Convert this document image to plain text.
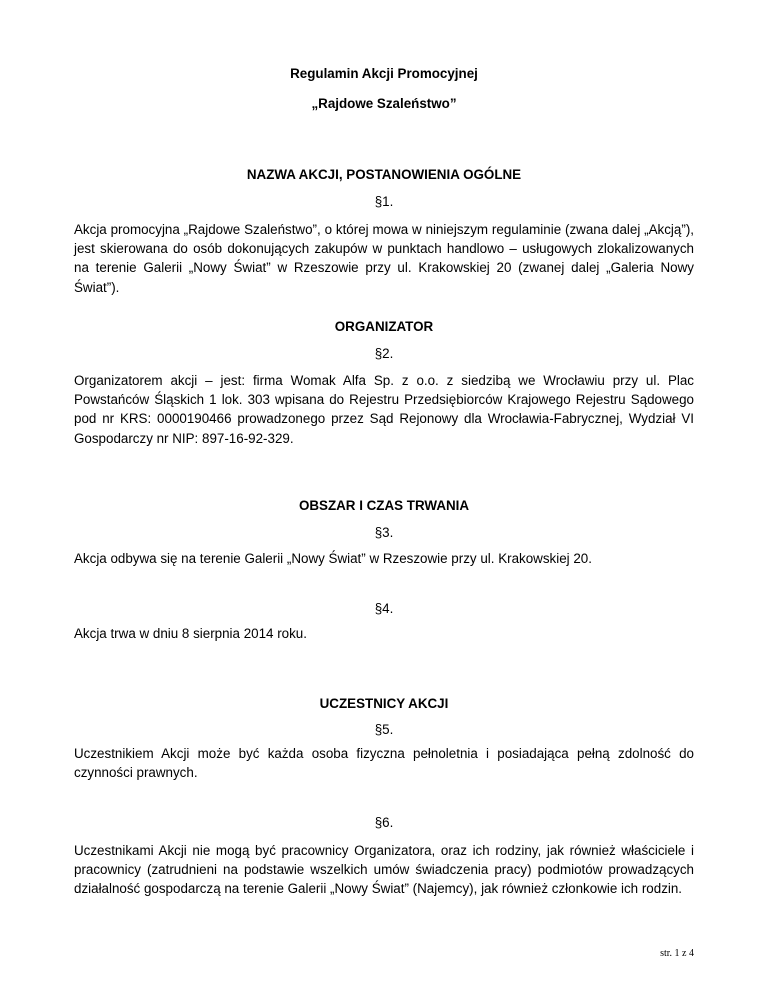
Regulamin Akcji Promocyjnej
„Rajdowe Szaleństwo”
NAZWA AKCJI, POSTANOWIENIA OGÓLNE
§1.
Akcja promocyjna „Rajdowe Szaleństwo”, o której mowa w niniejszym regulaminie (zwana dalej „Akcją”), jest skierowana do osób dokonujących zakupów w punktach handlowo – usługowych zlokalizowanych na terenie Galerii „Nowy Świat” w Rzeszowie przy ul. Krakowskiej 20 (zwanej dalej „Galeria Nowy Świat”).
ORGANIZATOR
§2.
Organizatorem akcji – jest: firma Womak Alfa Sp. z o.o. z siedzibą we Wrocławiu przy ul. Plac Powstańców Śląskich 1 lok. 303 wpisana do Rejestru Przedsiębiorców Krajowego Rejestru Sądowego pod nr KRS: 0000190466 prowadzonego przez Sąd Rejonowy dla Wrocławia-Fabrycznej, Wydział VI Gospodarczy nr NIP: 897-16-92-329.
OBSZAR I CZAS TRWANIA
§3.
Akcja odbywa się na terenie Galerii „Nowy Świat” w Rzeszowie przy ul. Krakowskiej 20.
§4.
Akcja trwa w dniu 8 sierpnia 2014 roku.
UCZESTNICY AKCJI
§5.
Uczestnikiem Akcji może być każda osoba fizyczna pełnoletnia i posiadająca pełną zdolność do czynności prawnych.
§6.
Uczestnikami Akcji nie mogą być pracownicy Organizatora, oraz ich rodziny, jak również właściciele i pracownicy (zatrudnieni na podstawie wszelkich umów świadczenia pracy) podmiotów prowadzących działalność gospodarczą na terenie Galerii „Nowy Świat” (Najemcy), jak również członkowie ich rodzin.
str. 1 z 4
